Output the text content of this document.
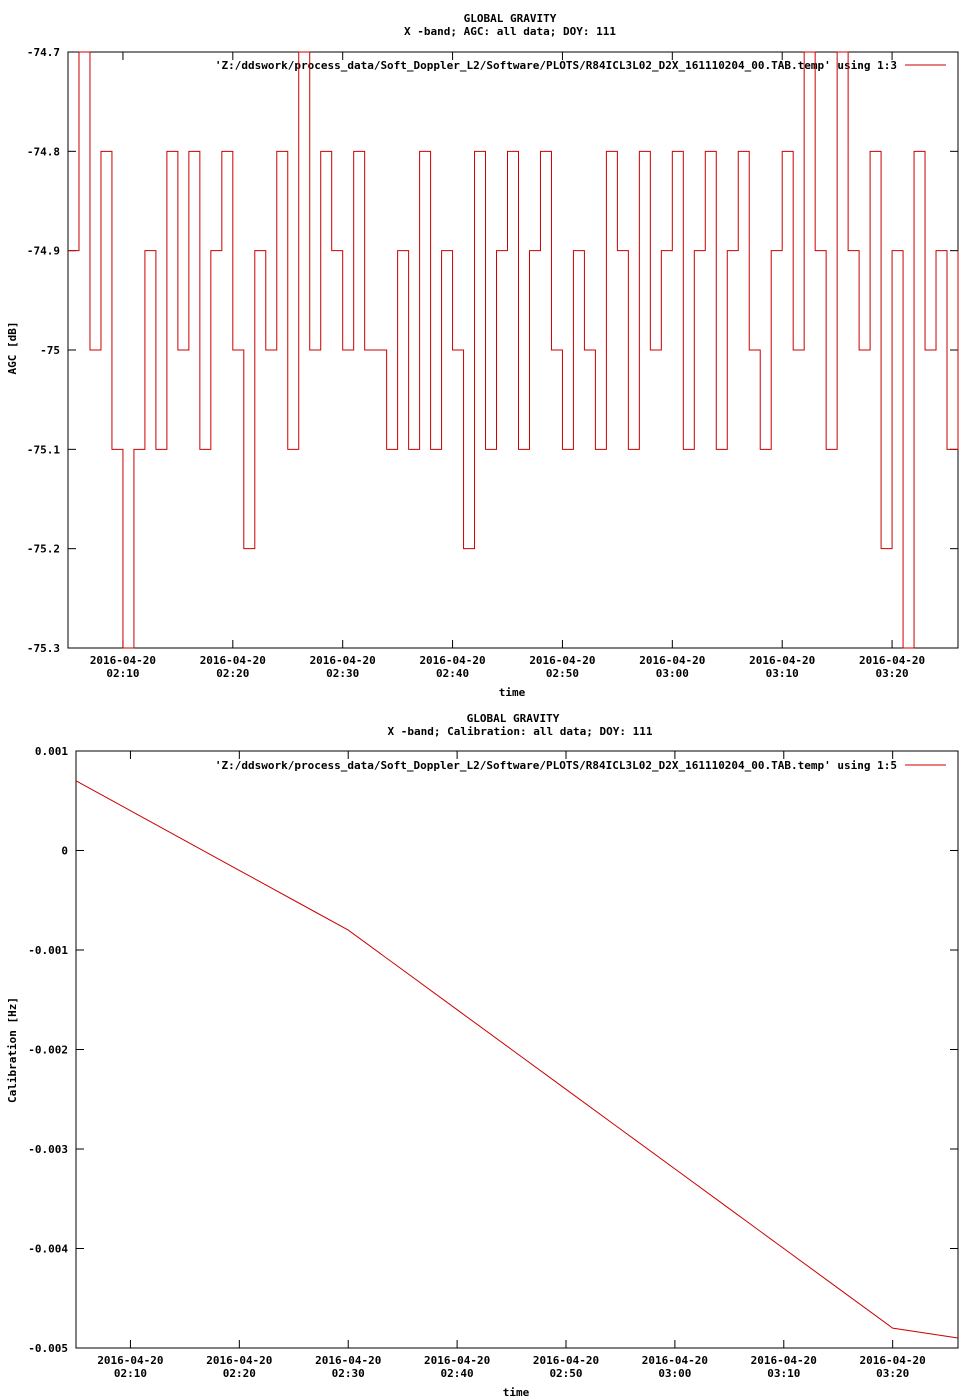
GLOBAL GRAVITY
X -band; AGC: all data; DOY: 111
AGC [dB]
time
'Z:/ddswork/process_data/Soft_Doppler_L2/Software/PLOTS/R84ICL3L02_D2X_161110204_00.TAB.temp' using 1:3
-74.7
-74.8
-74.9
-75
-75.1
-75.2
-75.3
2016-04-20
02:10
2016-04-20
02:20
2016-04-20
02:30
2016-04-20
02:40
2016-04-20
02:50
2016-04-20
03:00
2016-04-20
03:10
2016-04-20
03:20
GLOBAL GRAVITY
X -band; Calibration: all data; DOY: 111
Calibration [Hz]
time
'Z:/ddswork/process_data/Soft_Doppler_L2/Software/PLOTS/R84ICL3L02_D2X_161110204_00.TAB.temp' using 1:5
0.001
0
-0.001
-0.002
-0.003
-0.004
-0.005
2016-04-20
02:10
2016-04-20
02:20
2016-04-20
02:30
2016-04-20
02:40
2016-04-20
02:50
2016-04-20
03:00
2016-04-20
03:10
2016-04-20
03:20
